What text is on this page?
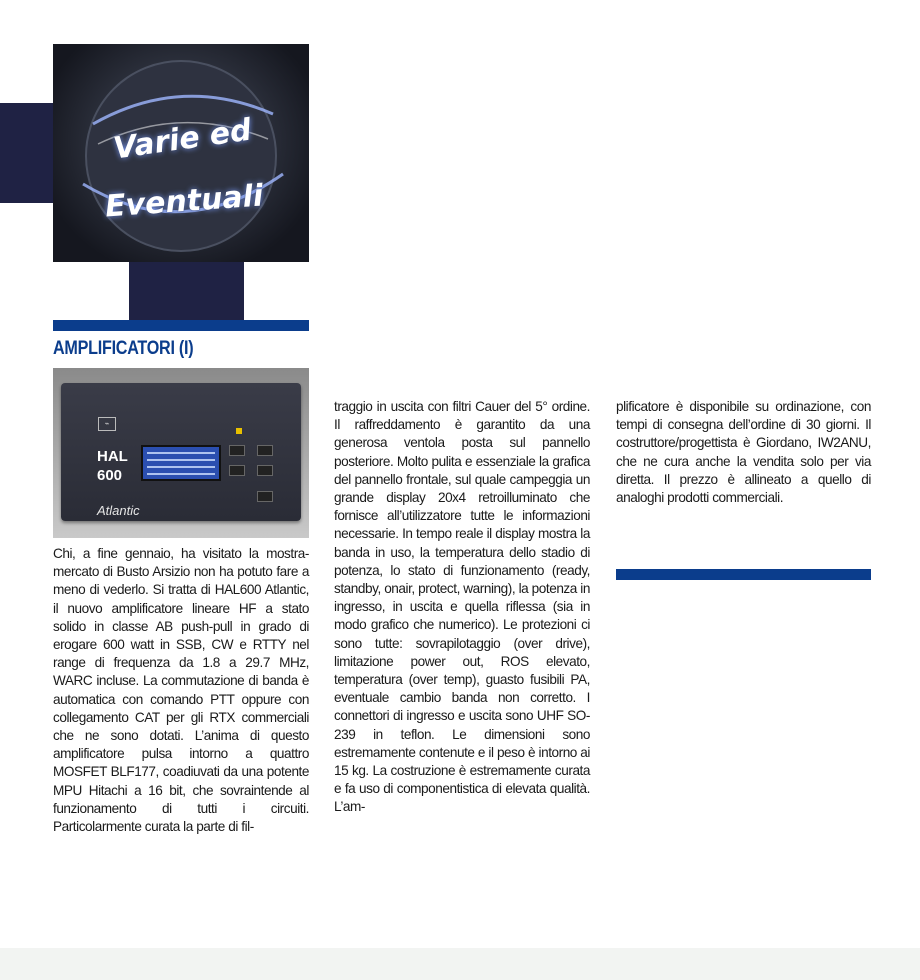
Varie ed
Eventuali
AMPLIFICATORI (I)
⌁
HAL
600
Atlantic

Chi, a fine gennaio, ha visitato la mostra-mercato di Busto Arsizio non ha potuto fare a meno di vederlo. Si tratta di HAL600 Atlantic, il nuovo amplificatore lineare HF a stato solido in classe AB push-pull in grado di erogare 600 watt in SSB, CW e RTTY nel range di frequenza da 1.8 a 29.7 MHz, WARC incluse. La commutazione di banda è automatica con comando PTT oppure con collegamento CAT per gli RTX commerciali che ne sono dotati. L’anima di questo amplificatore pulsa intorno a quattro MOSFET BLF177, coadiuvati da una potente MPU Hitachi a 16 bit, che sovraintende al funzionamento di tutti i circuiti. Particolarmente curata la parte di fil-

traggio in uscita con filtri Cauer del 5° ordine. Il raffreddamento è garantito da una generosa ventola posta sul pannello posteriore. Molto pulita e essenziale la grafica del pannello frontale, sul quale campeggia un grande display 20x4 retroilluminato che fornisce all’utilizzatore tutte le informazioni necessarie. In tempo reale il display mostra la banda in uso, la temperatura dello stadio di potenza, lo stato di funzionamento (ready, standby, onair, protect, warning), la potenza in ingresso, in uscita e quella riflessa (sia in modo grafico che numerico). Le protezioni ci sono tutte: sovrapilotaggio (over drive), limitazione power out, ROS elevato, temperatura (over temp), guasto fusibili PA, eventuale cambio banda non corretto. I connettori di ingresso e uscita sono UHF SO-239 in teflon. Le dimensioni sono estremamente contenute e il peso è intorno ai 15 kg. La costruzione è estremamente curata e fa uso di componentistica di elevata qualità. L’am-

plificatore è disponibile su ordinazione, con tempi di consegna dell’ordine di 30 giorni. Il costruttore/progettista è Giordano, IW2ANU, che ne cura anche la vendita solo per via diretta. Il prezzo è allineato a quello di analoghi prodotti commerciali.
